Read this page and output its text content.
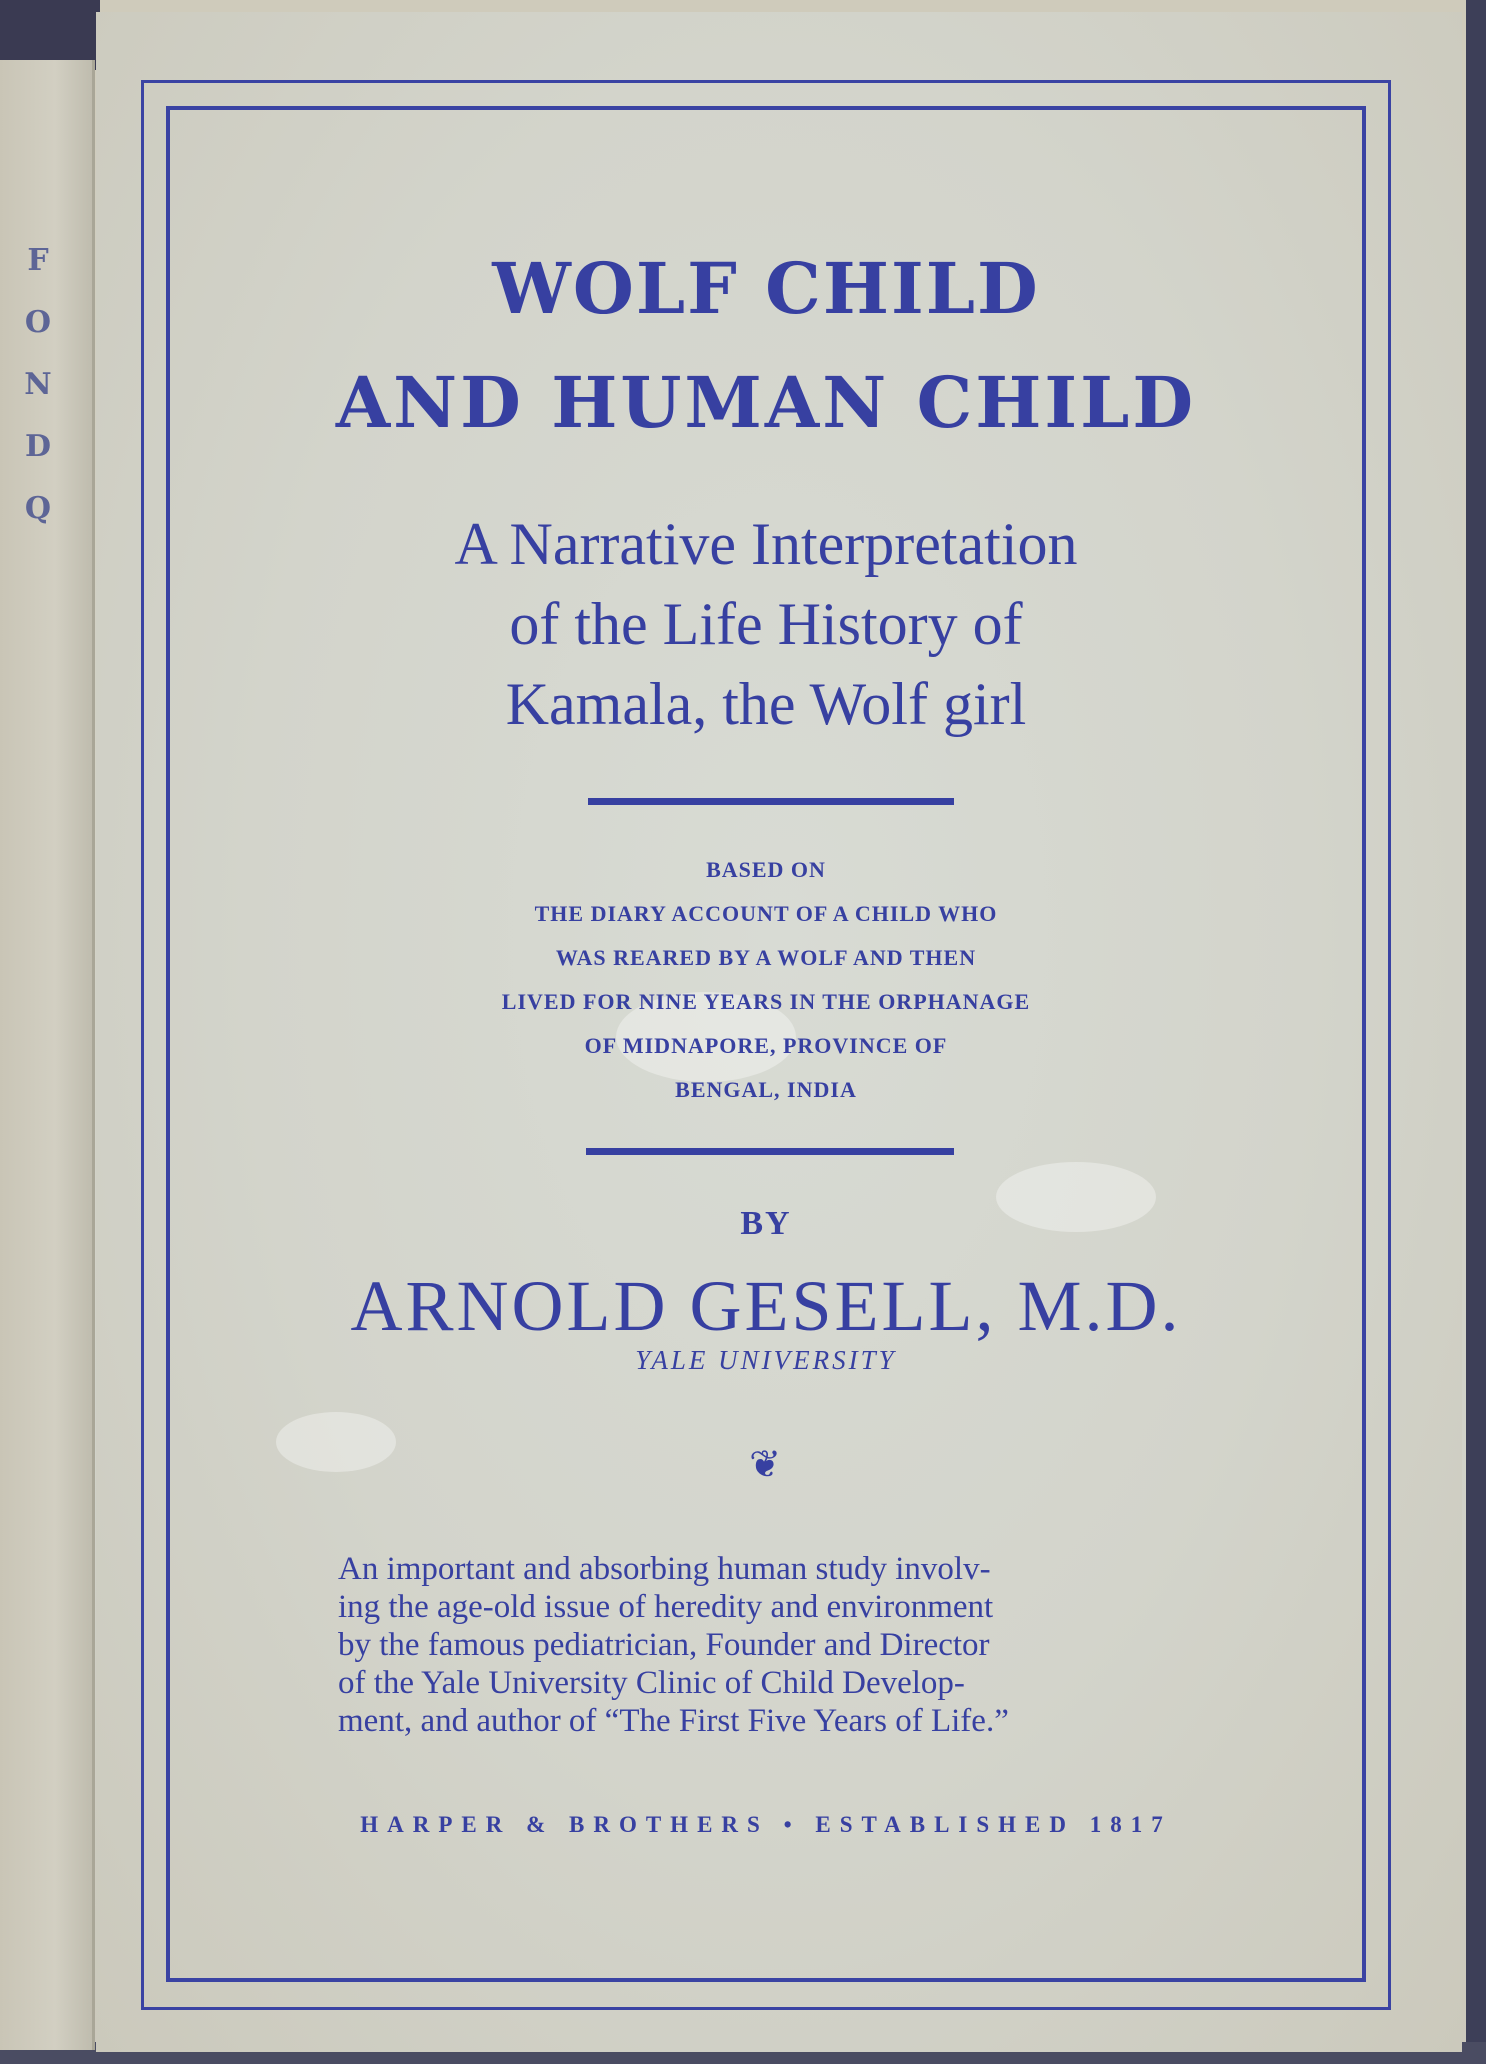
F
O
N
D
Q
WOLF CHILD
AND HUMAN CHILD
A Narrative Interpretation
of the Life History of
Kamala, the Wolf girl
BASED ON
THE DIARY ACCOUNT OF A CHILD WHO
WAS REARED BY A WOLF AND THEN
LIVED FOR NINE YEARS IN THE ORPHANAGE
OF MIDNAPORE, PROVINCE OF
BENGAL, INDIA
BY
ARNOLD GESELL, M.D.
YALE UNIVERSITY
❦
An important and absorbing human study involv-
ing the age-old issue of heredity and environment
by the famous pediatrician, Founder and Director
of the Yale University Clinic of Child Develop-
ment, and author of “The First Five Years of Life.”
HARPER & BROTHERS • ESTABLISHED 1817
